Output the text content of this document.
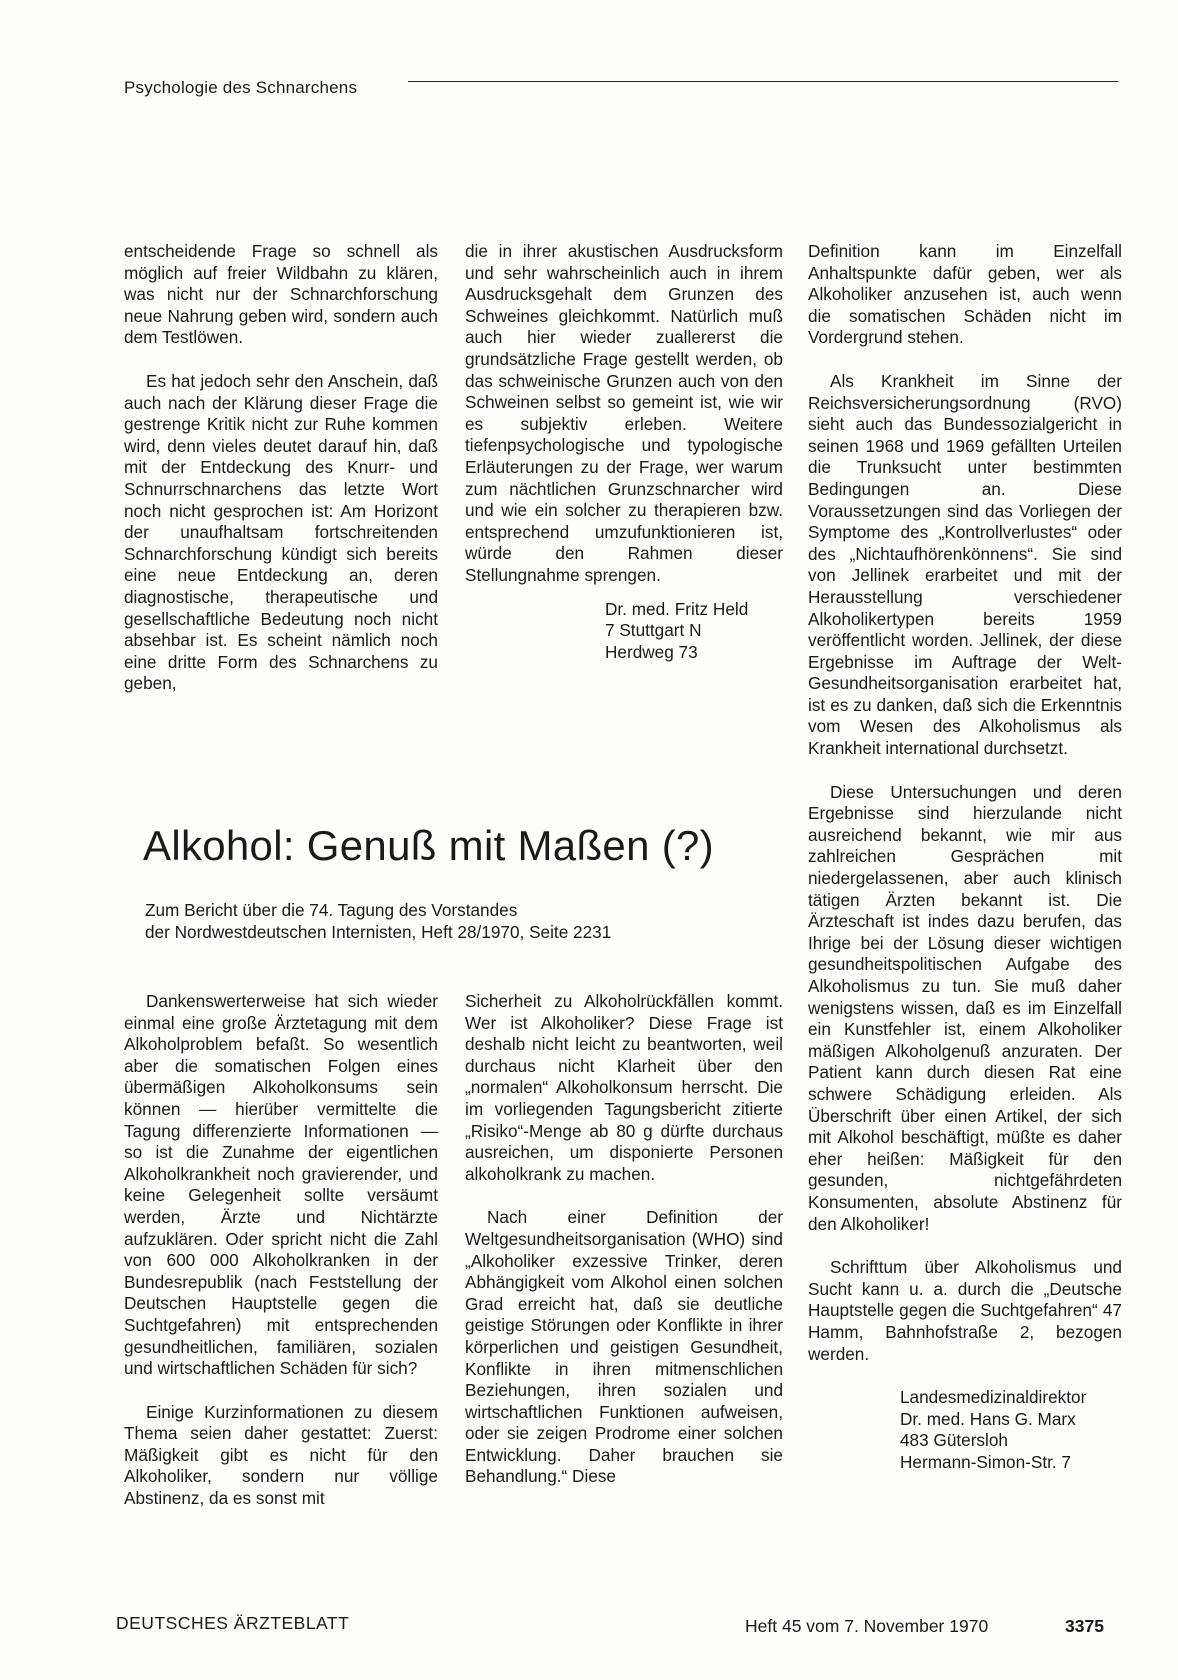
Psychologie des Schnarchens

entscheidende Frage so schnell als möglich auf freier Wildbahn zu klären, was nicht nur der Schnarchforschung neue Nahrung geben wird, sondern auch dem Testlöwen.

Es hat jedoch sehr den Anschein, daß auch nach der Klärung dieser Frage die gestrenge Kritik nicht zur Ruhe kommen wird, denn vieles deutet darauf hin, daß mit der Entdeckung des Knurr- und Schnurrschnarchens das letzte Wort noch nicht gesprochen ist: Am Horizont der unaufhaltsam fortschreitenden Schnarchforschung kündigt sich bereits eine neue Entdeckung an, deren diagnostische, therapeutische und gesellschaftliche Bedeutung noch nicht absehbar ist. Es scheint nämlich noch eine dritte Form des Schnarchens zu geben,

die in ihrer akustischen Ausdrucksform und sehr wahrscheinlich auch in ihrem Ausdrucksgehalt dem Grunzen des Schweines gleichkommt. Natürlich muß auch hier wieder zuallererst die grundsätzliche Frage gestellt werden, ob das schweinische Grunzen auch von den Schweinen selbst so gemeint ist, wie wir es subjektiv erleben. Weitere tiefenpsychologische und typologische Erläuterungen zu der Frage, wer warum zum nächtlichen Grunzschnarcher wird und wie ein solcher zu therapieren bzw. entsprechend umzufunktionieren ist, würde den Rahmen dieser Stellungnahme sprengen.

Dr. med. Fritz Held
7 Stuttgart N
Herdweg 73
Alkohol: Genuß mit Maßen (?)
Zum Bericht über die 74. Tagung des Vorstandes
der Nordwestdeutschen Internisten, Heft 28/1970, Seite 2231

Dankenswerterweise hat sich wieder einmal eine große Ärztetagung mit dem Alkoholproblem befaßt. So wesentlich aber die somatischen Folgen eines übermäßigen Alkoholkonsums sein können — hierüber vermittelte die Tagung differenzierte Informationen — so ist die Zunahme der eigentlichen Alkoholkrankheit noch gravierender, und keine Gelegenheit sollte versäumt werden, Ärzte und Nichtärzte aufzuklären. Oder spricht nicht die Zahl von 600 000 Alkoholkranken in der Bundesrepublik (nach Feststellung der Deutschen Hauptstelle gegen die Suchtgefahren) mit entsprechenden gesundheitlichen, familiären, sozialen und wirtschaftlichen Schäden für sich?

Einige Kurzinformationen zu diesem Thema seien daher gestattet: Zuerst: Mäßigkeit gibt es nicht für den Alkoholiker, sondern nur völlige Abstinenz, da es sonst mit

Sicherheit zu Alkoholrückfällen kommt. Wer ist Alkoholiker? Diese Frage ist deshalb nicht leicht zu beantworten, weil durchaus nicht Klarheit über den „normalen“ Alkoholkonsum herrscht. Die im vorliegenden Tagungsbericht zitierte „Risiko“-Menge ab 80 g dürfte durchaus ausreichen, um disponierte Personen alkoholkrank zu machen.

Nach einer Definition der Weltgesundheitsorganisation (WHO) sind „Alkoholiker exzessive Trinker, deren Abhängigkeit vom Alkohol einen solchen Grad erreicht hat, daß sie deutliche geistige Störungen oder Konflikte in ihrer körperlichen und geistigen Gesundheit, Konflikte in ihren mitmenschlichen Beziehungen, ihren sozialen und wirtschaftlichen Funktionen aufweisen, oder sie zeigen Prodrome einer solchen Entwicklung. Daher brauchen sie Behandlung.“ Diese

Definition kann im Einzelfall Anhaltspunkte dafür geben, wer als Alkoholiker anzusehen ist, auch wenn die somatischen Schäden nicht im Vordergrund stehen.

Als Krankheit im Sinne der Reichsversicherungsordnung (RVO) sieht auch das Bundessozialgericht in seinen 1968 und 1969 gefällten Urteilen die Trunksucht unter bestimmten Bedingungen an. Diese Voraussetzungen sind das Vorliegen der Symptome des „Kontrollverlustes“ oder des „Nichtaufhörenkönnens“. Sie sind von Jellinek erarbeitet und mit der Herausstellung verschiedener Alkoholikertypen bereits 1959 veröffentlicht worden. Jellinek, der diese Ergebnisse im Auftrage der Welt-Gesundheitsorganisation erarbeitet hat, ist es zu danken, daß sich die Erkenntnis vom Wesen des Alkoholismus als Krankheit international durchsetzt.

Diese Untersuchungen und deren Ergebnisse sind hierzulande nicht ausreichend bekannt, wie mir aus zahlreichen Gesprächen mit niedergelassenen, aber auch klinisch tätigen Ärzten bekannt ist. Die Ärzteschaft ist indes dazu berufen, das Ihrige bei der Lösung dieser wichtigen gesundheitspolitischen Aufgabe des Alkoholismus zu tun. Sie muß daher wenigstens wissen, daß es im Einzelfall ein Kunstfehler ist, einem Alkoholiker mäßigen Alkoholgenuß anzuraten. Der Patient kann durch diesen Rat eine schwere Schädigung erleiden. Als Überschrift über einen Artikel, der sich mit Alkohol beschäftigt, müßte es daher eher heißen: Mäßigkeit für den gesunden, nichtgefährdeten Konsumenten, absolute Abstinenz für den Alkoholiker!

Schrifttum über Alkoholismus und Sucht kann u. a. durch die „Deutsche Hauptstelle gegen die Suchtgefahren“ 47 Hamm, Bahnhofstraße 2, bezogen werden.

Landesmedizinaldirektor
Dr. med. Hans G. Marx
483 Gütersloh
Hermann-Simon-Str. 7
DEUTSCHES ÄRZTEBLATT	Heft 45 vom 7. November 1970	3375
